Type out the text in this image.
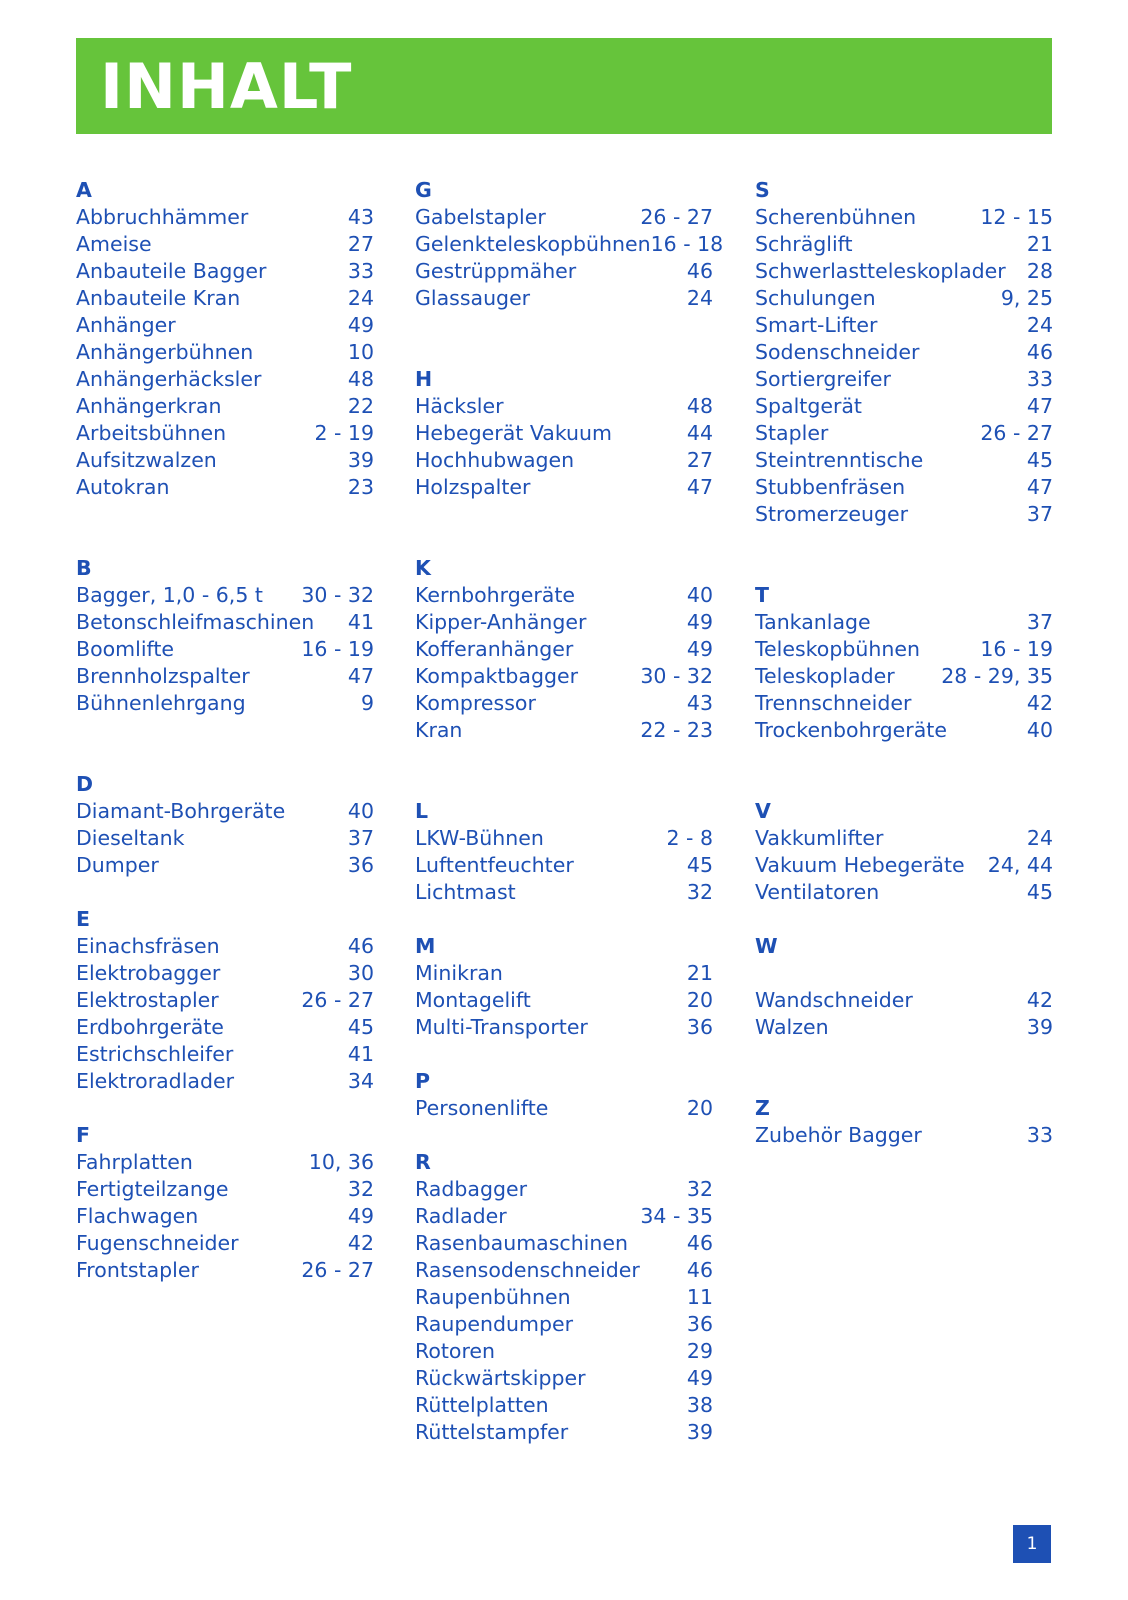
INHALT
A
Abbruchhämmer	43
Ameise	27
Anbauteile Bagger	33
Anbauteile Kran	24
Anhänger	49
Anhängerbühnen	10
Anhängerhäcksler	48
Anhängerkran	22
Arbeitsbühnen	2 - 19
Aufsitzwalzen	39
Autokran	23
B
Bagger, 1,0 - 6,5 t 30 - 32
Betonschleifmaschinen 41
Boomlifte	16 - 19
Brennholzspalter	47
Bühnenlehrgang	9
D
Diamant-Bohrgeräte	40
Dieseltank	37
Dumper	36
E
Einachsfräsen	46
Elektrobagger	30
Elektrostapler	26 - 27
Erdbohrgeräte	45
Estrichschleifer	41
Elektroradlader	34
F
Fahrplatten	10, 36
Fertigteilzange	32
Flachwagen	49
Fugenschneider	42
Frontstapler	26 - 27
G
Gabelstapler	26 - 27
Gelenkteleskopbühnen 16 - 18
Gestrüppmäher	46
Glassauger	24
H
Häcksler	48
Hebegerät Vakuum	44
Hochhubwagen	27
Holzspalter	47
K
Kernbohrgeräte	40
Kipper-Anhänger	49
Kofferanhänger	49
Kompaktbagger	30 - 32
Kompressor	43
Kran	22 - 23
L
LKW-Bühnen	2 - 8
Luftentfeuchter	45
Lichtmast	32
M
Minikran	21
Montagelift	20
Multi-Transporter	36
P
Personenlifte	20
R
Radbagger	32
Radlader	34 - 35
Rasenbaumaschinen	46
Rasensodenschneider 46
Raupenbühnen	11
Raupendumper	36
Rotoren	29
Rückwärtskipper	49
Rüttelplatten	38
Rüttelstampfer	39
S
Scherenbühnen	12 - 15
Schräglift	21
Schwerlastteleskoplader 28
Schulungen	9, 25
Smart-Lifter	24
Sodenschneider	46
Sortiergreifer	33
Spaltgerät	47
Stapler	26 - 27
Steintrenntische	45
Stubbenfräsen	47
Stromerzeuger	37
T
Tankanlage	37
Teleskopbühnen	16 - 19
Teleskoplader 28 - 29, 35
Trennschneider	42
Trockenbohrgeräte	40
V
Vakkumlifter	24
Vakuum Hebegeräte 24, 44
Ventilatoren	45
W
Wandschneider	42
Walzen	39
Z
Zubehör Bagger	33
1
